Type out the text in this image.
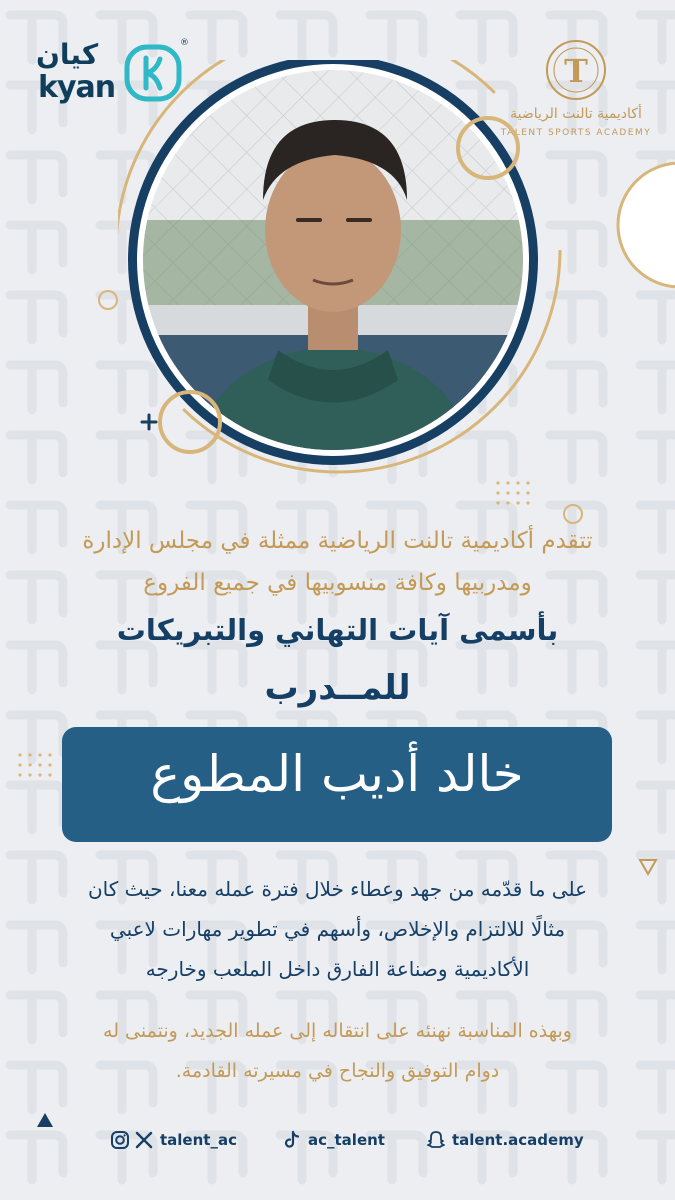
كيان
kyan
®
T
أكاديمية تالنت الرياضية
TALENT SPORTS ACADEMY
تتقدم أكاديمية تالنت الرياضية ممثلة في مجلس الإدارة
ومدربيها وكافة منسوبيها في جميع الفروع
بأسمى آيات التهاني والتبريكات
للمــدرب
خالد أديب المطوع
على ما قدّمه من جهد وعطاء خلال فترة عمله معنا، حيث كان
مثالًا للالتزام والإخلاص، وأسهم في تطوير مهارات لاعبي
الأكاديمية وصناعة الفارق داخل الملعب وخارجه
وبهذه المناسبة نهنئه على انتقاله إلى عمله الجديد، ونتمنى له
دوام التوفيق والنجاح في مسيرته القادمة.
talent_ac	ac_talent	talent.academy
